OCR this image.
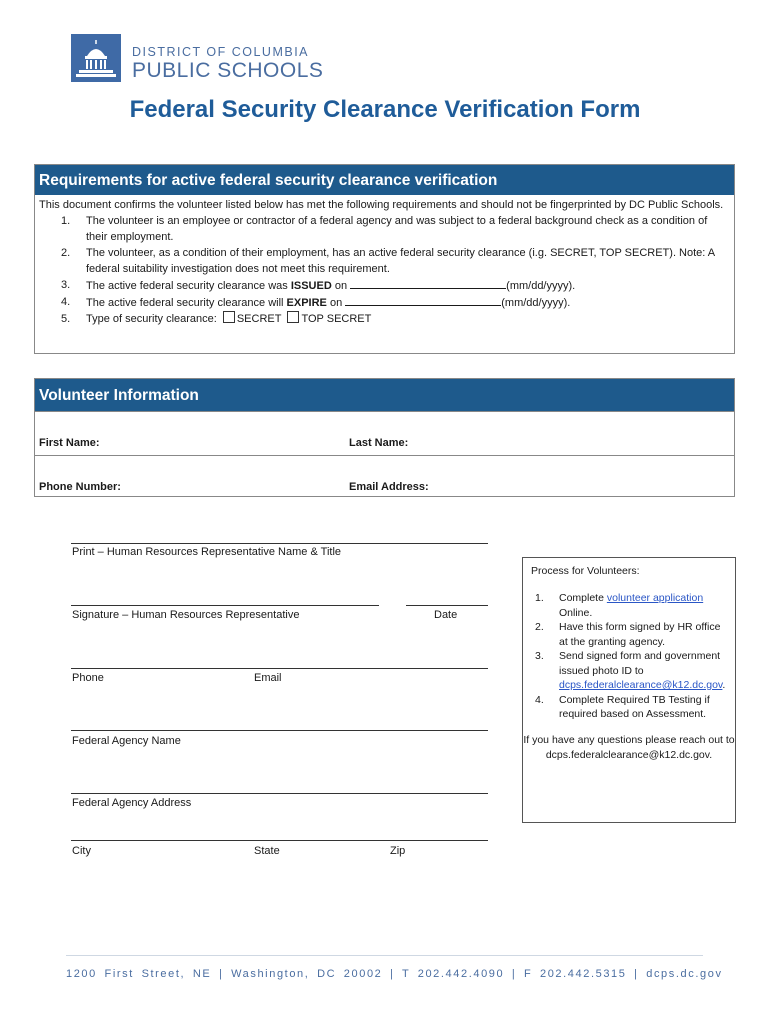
DISTRICT OF COLUMBIA
PUBLIC SCHOOLS
Federal Security Clearance Verification Form
Requirements for active federal security clearance verification
This document confirms the volunteer listed below has met the following requirements and should not be fingerprinted by DC Public Schools.
1. The volunteer is an employee or contractor of a federal agency and was subject to a federal background check as a condition of their employment.
2. The volunteer, as a condition of their employment, has an active federal security clearance (i.g. SECRET, TOP SECRET). Note: A federal suitability investigation does not meet this requirement.
3. The active federal security clearance was ISSUED on	(mm/dd/yyyy).
4. The active federal security clearance will EXPIRE on	(mm/dd/yyyy).
5. Type of security clearance: SECRET TOP SECRET
Volunteer Information
First Name:	Last Name:
Phone Number:	Email Address:
Print – Human Resources Representative Name & Title
Signature – Human Resources Representative	Date
Phone	Email
Federal Agency Name
Federal Agency Address
City	State	Zip
Process for Volunteers:
1. Complete volunteer application Online.
2. Have this form signed by HR office at the granting agency.
3. Send signed form and government issued photo ID to dcps.federalclearance@k12.dc.gov.
4. Complete Required TB Testing if required based on Assessment.
If you have any questions please reach out to dcps.federalclearance@k12.dc.gov.
1200 First Street, NE | Washington, DC 20002 | T 202.442.4090 | F 202.442.5315 | dcps.dc.gov
